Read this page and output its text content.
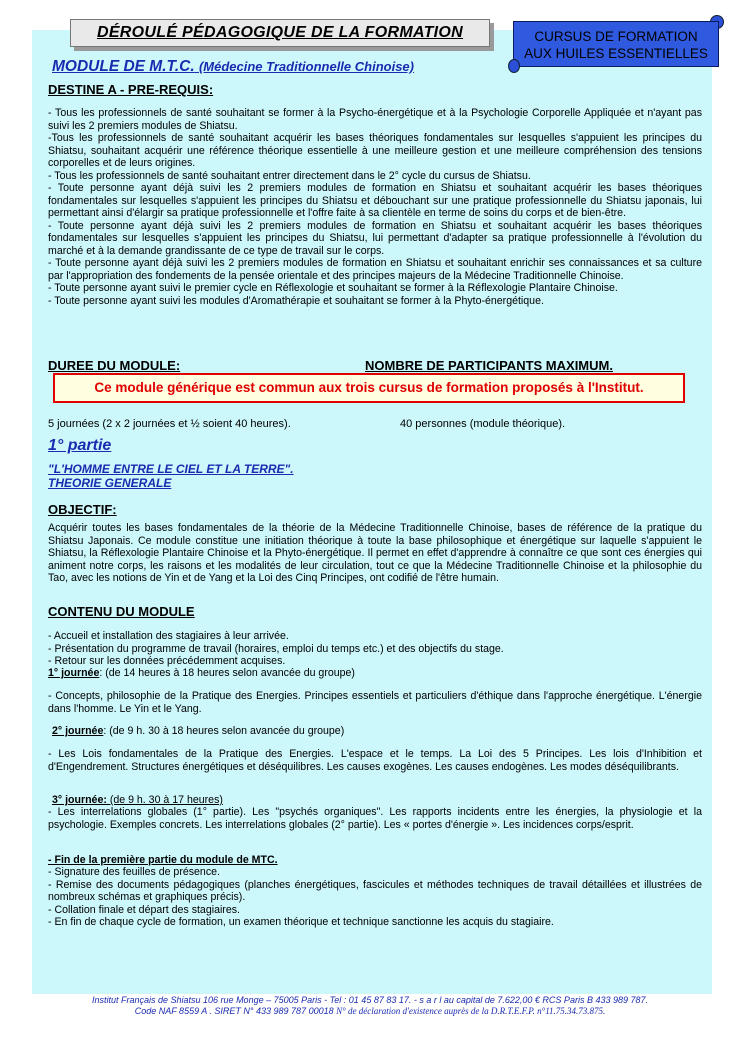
DÉROULÉ PÉDAGOGIQUE DE LA FORMATION	CURSUS DE FORMATION
AUX HUILES ESSENTIELLES
MODULE DE M.T.C. (Médecine Traditionnelle Chinoise)
DESTINE A - PRE-REQUIS:
- Tous les professionnels de santé souhaitant se former à la Psycho-énergétique et à la Psychologie Corporelle Appliquée et n'ayant pas suivi les 2 premiers modules de Shiatsu.
-Tous les professionnels de santé souhaitant acquérir les bases théoriques fondamentales sur lesquelles s'appuient les principes du Shiatsu, souhaitant acquérir une référence théorique essentielle à une meilleure gestion et une meilleure compréhension des tensions corporelles et de leurs origines.
- Tous les professionnels de santé souhaitant entrer directement dans le 2° cycle du cursus de Shiatsu.
- Toute personne ayant déjà suivi les 2 premiers modules de formation en Shiatsu et souhaitant acquérir les bases théoriques fondamentales sur lesquelles s'appuient les principes du Shiatsu et débouchant sur une pratique professionnelle du Shiatsu japonais, lui permettant ainsi d'élargir sa pratique professionnelle et l'offre faite à sa clientèle en terme de soins du corps et de bien-être.
- Toute personne ayant déjà suivi les 2 premiers modules de formation en Shiatsu et souhaitant acquérir les bases théoriques fondamentales sur lesquelles s'appuient les principes du Shiatsu, lui permettant d'adapter sa pratique professionnelle à l'évolution du marché et à la demande grandissante de ce type de travail sur le corps.
- Toute personne ayant déjà suivi les 2 premiers modules de formation en Shiatsu et souhaitant enrichir ses connaissances et sa culture par l'appropriation des fondements de la pensée orientale et des principes majeurs de la Médecine Traditionnelle Chinoise.
- Toute personne ayant suivi le premier cycle en Réflexologie et souhaitant se former à la Réflexologie Plantaire Chinoise.
- Toute personne ayant suivi les modules d'Aromathérapie et souhaitant se former à la Phyto-énergétique.
DUREE DU MODULE:	NOMBRE DE PARTICIPANTS MAXIMUM.
Ce module générique est commun aux trois cursus de formation proposés à l'Institut.
5 journées (2 x 2 journées et ½ soient 40 heures).	40 personnes (module théorique).
1° partie
"L'HOMME ENTRE LE CIEL ET LA TERRE".
THEORIE GENERALE
OBJECTIF:
Acquérir toutes les bases fondamentales de la théorie de la Médecine Traditionnelle Chinoise, bases de référence de la pratique du Shiatsu Japonais. Ce module constitue une initiation théorique à toute la base philosophique et énergétique sur laquelle s'appuient le Shiatsu, la Réflexologie Plantaire Chinoise et la Phyto-énergétique. Il permet en effet d'apprendre à connaître ce que sont ces énergies qui animent notre corps, les raisons et les modalités de leur circulation, tout ce que la Médecine Traditionnelle Chinoise et la philosophie du Tao, avec les notions de Yin et de Yang et la Loi des Cinq Principes, ont codifié de l'être humain.
CONTENU DU MODULE
- Accueil et installation des stagiaires à leur arrivée.
- Présentation du programme de travail (horaires, emploi du temps etc.) et des objectifs du stage.
- Retour sur les données précédemment acquises.
1° journée: (de 14 heures à 18 heures selon avancée du groupe)
- Concepts, philosophie de la Pratique des Energies. Principes essentiels et particuliers d'éthique dans l'approche énergétique. L'énergie dans l'homme. Le Yin et le Yang.
2° journée: (de 9 h. 30 à 18 heures selon avancée du groupe)
- Les Lois fondamentales de la Pratique des Energies. L'espace et le temps. La Loi des 5 Principes. Les lois d'Inhibition et d'Engendrement. Structures énergétiques et déséquilibres. Les causes exogènes. Les causes endogènes. Les modes déséquilibrants.
3° journée: (de 9 h. 30 à 17 heures)
- Les interrelations globales (1° partie). Les "psychés organiques". Les rapports incidents entre les énergies, la physiologie et la psychologie. Exemples concrets. Les interrelations globales (2° partie). Les « portes d'énergie ». Les incidences corps/esprit.
- Fin de la première partie du module de MTC.
- Signature des feuilles de présence.
- Remise des documents pédagogiques (planches énergétiques, fascicules et méthodes techniques de travail détaillées et illustrées de nombreux schémas et graphiques précis).
- Collation finale et départ des stagiaires.
- En fin de chaque cycle de formation, un examen théorique et technique sanctionne les acquis du stagiaire.
Institut Français de Shiatsu 106 rue Monge – 75005 Paris - Tel : 01 45 87 83 17. - s a r l au capital de 7.622,00 € RCS Paris B 433 989 787.
Code NAF 8559 A . SIRET N° 433 989 787 00018 N° de déclaration d'existence auprès de la D.R.T.E.F.P. n°11.75.34.73.875.
